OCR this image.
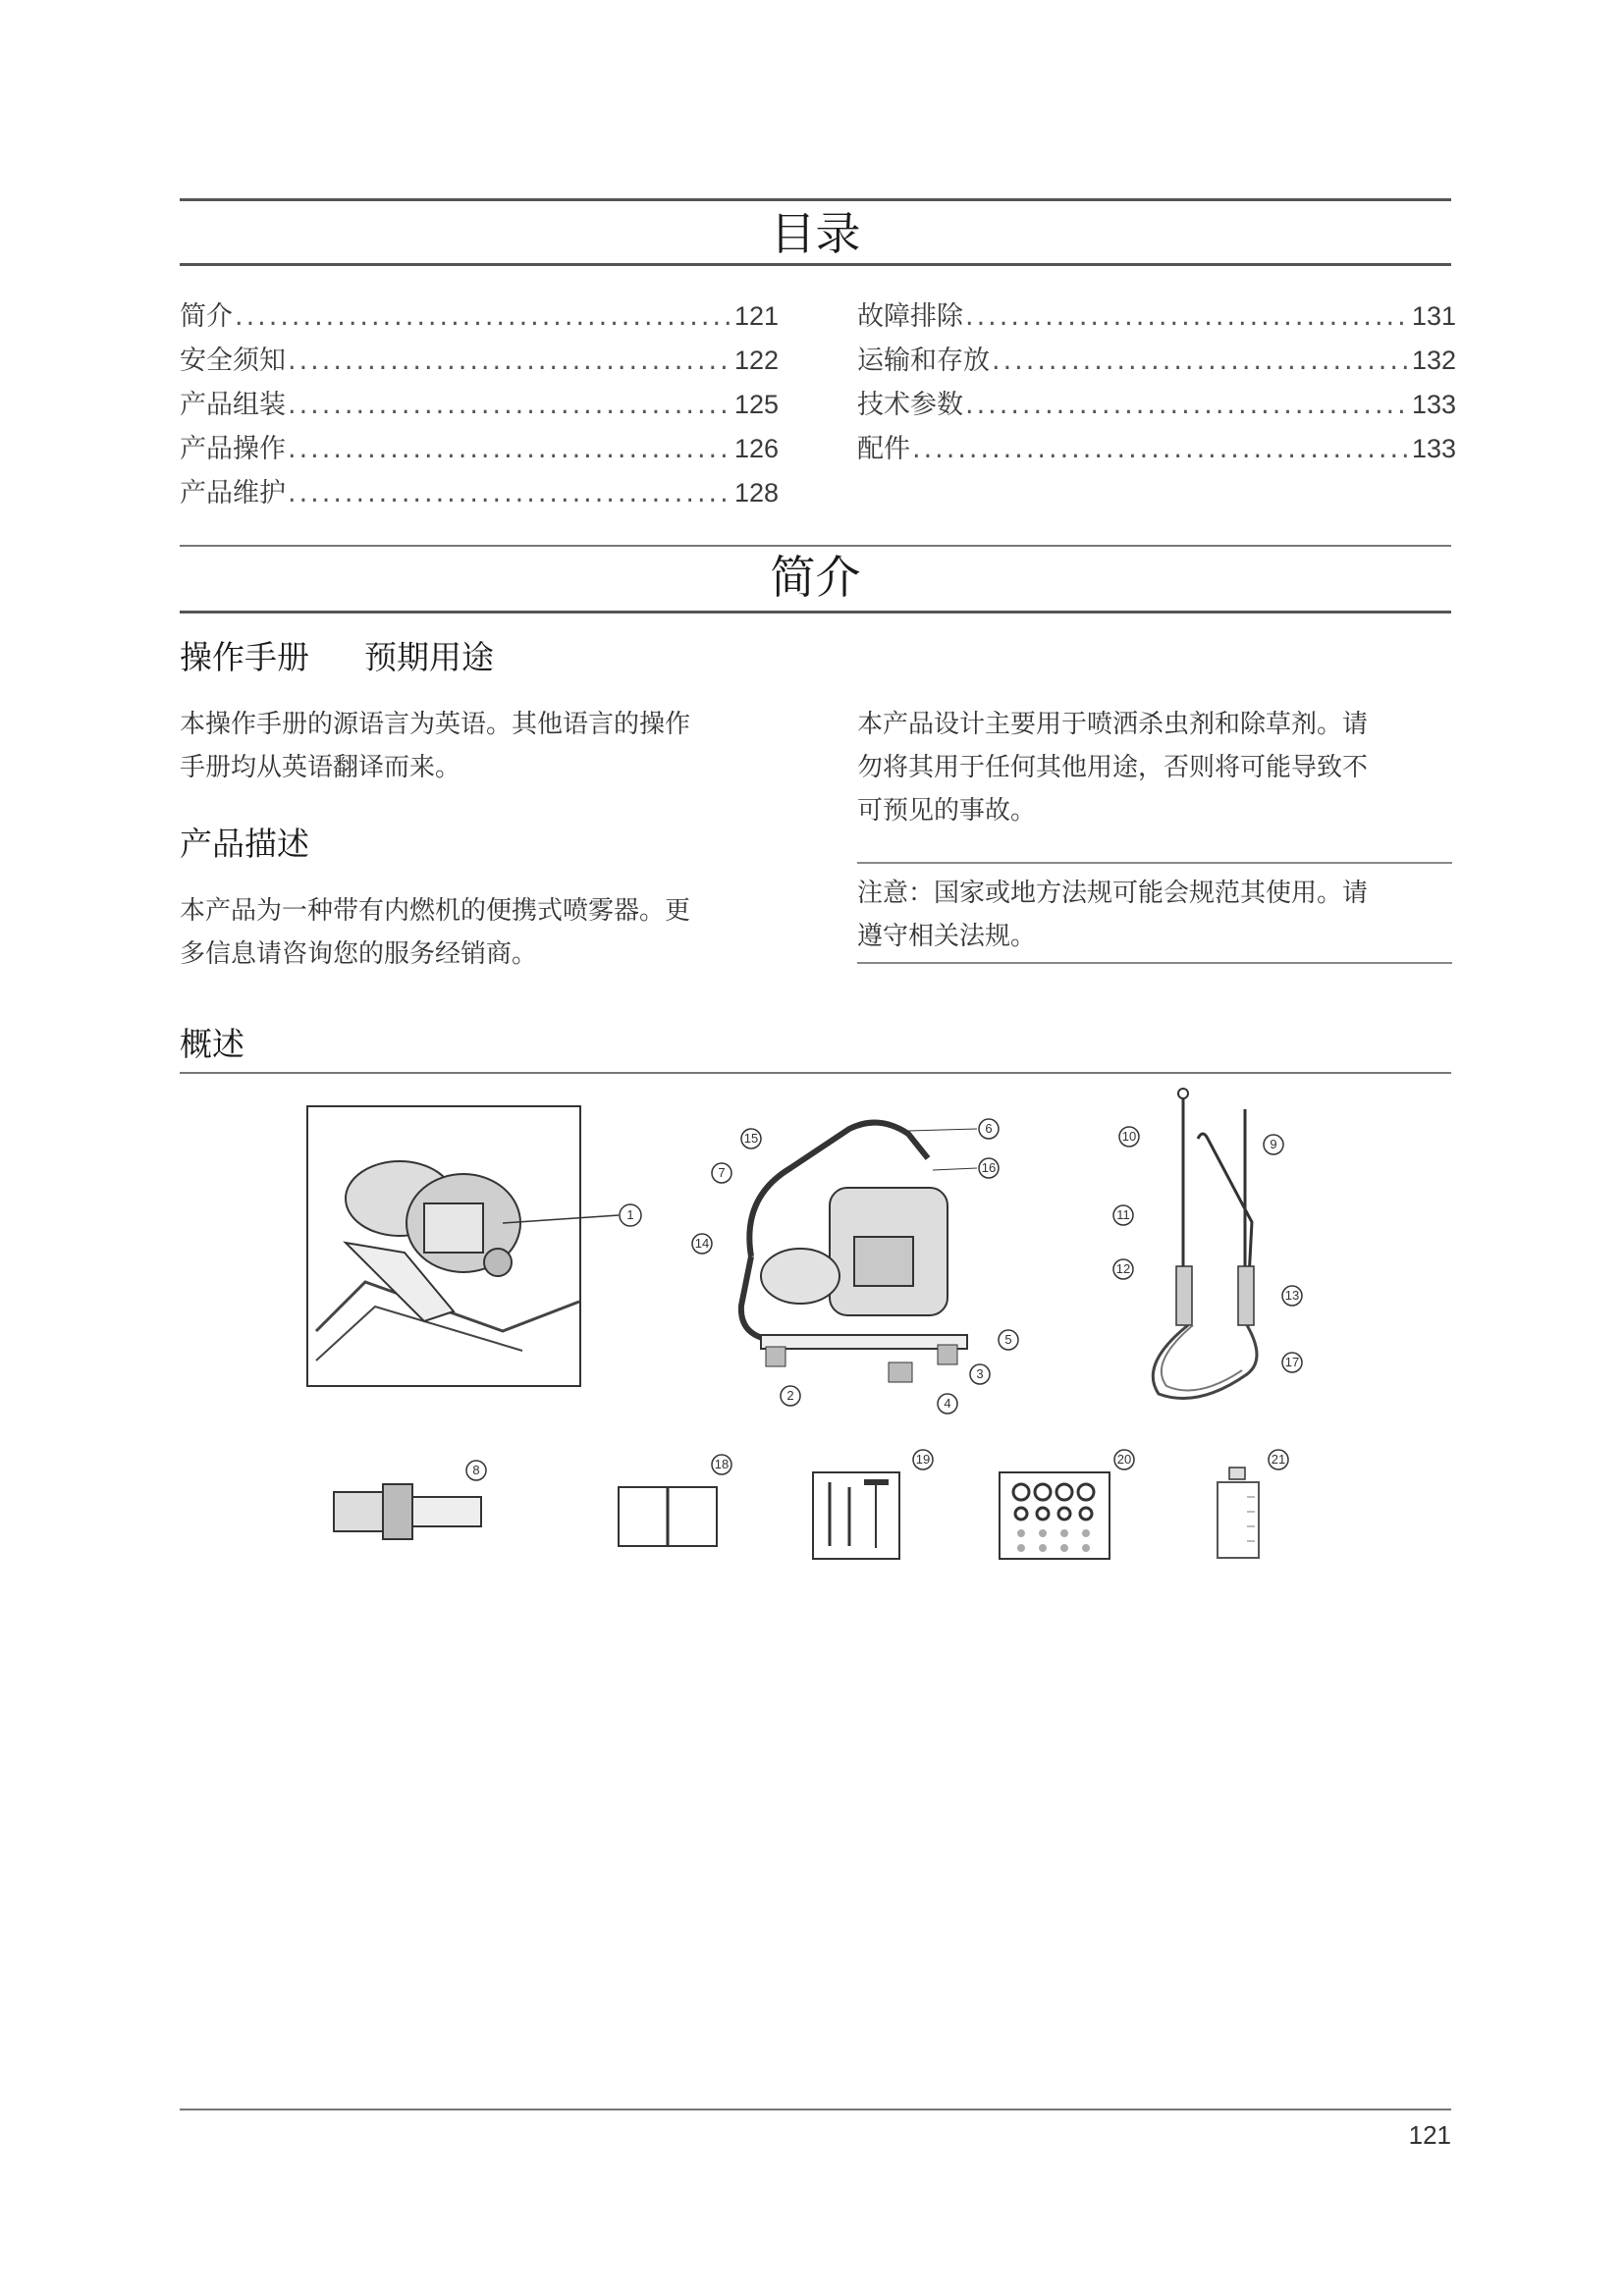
目录
简介 .....	121
安全须知 .....	122
产品组装 .....	125
产品操作 .....	126
产品维护 .....	128
故障排除 .....	131
运输和存放 .....	132
技术参数 .....	133
配件 .....	133
简介
操作手册 预期用途
本操作手册的源语言为英语。其他语言的操作
手册均从英语翻译而来。
本产品设计主要用于喷洒杀虫剂和除草剂。请
勿将其用于任何其他用途，否则将可能导致不
可预见的事故。
产品描述
本产品为一种带有内燃机的便携式喷雾器。更
多信息请咨询您的服务经销商。
注意：国家或地方法规可能会规范其使用。请
遵守相关法规。
概述
1
15
7
14
6
16
5
3
4
2
10
9
11
12
13
17
8	18	19	20	21
121
